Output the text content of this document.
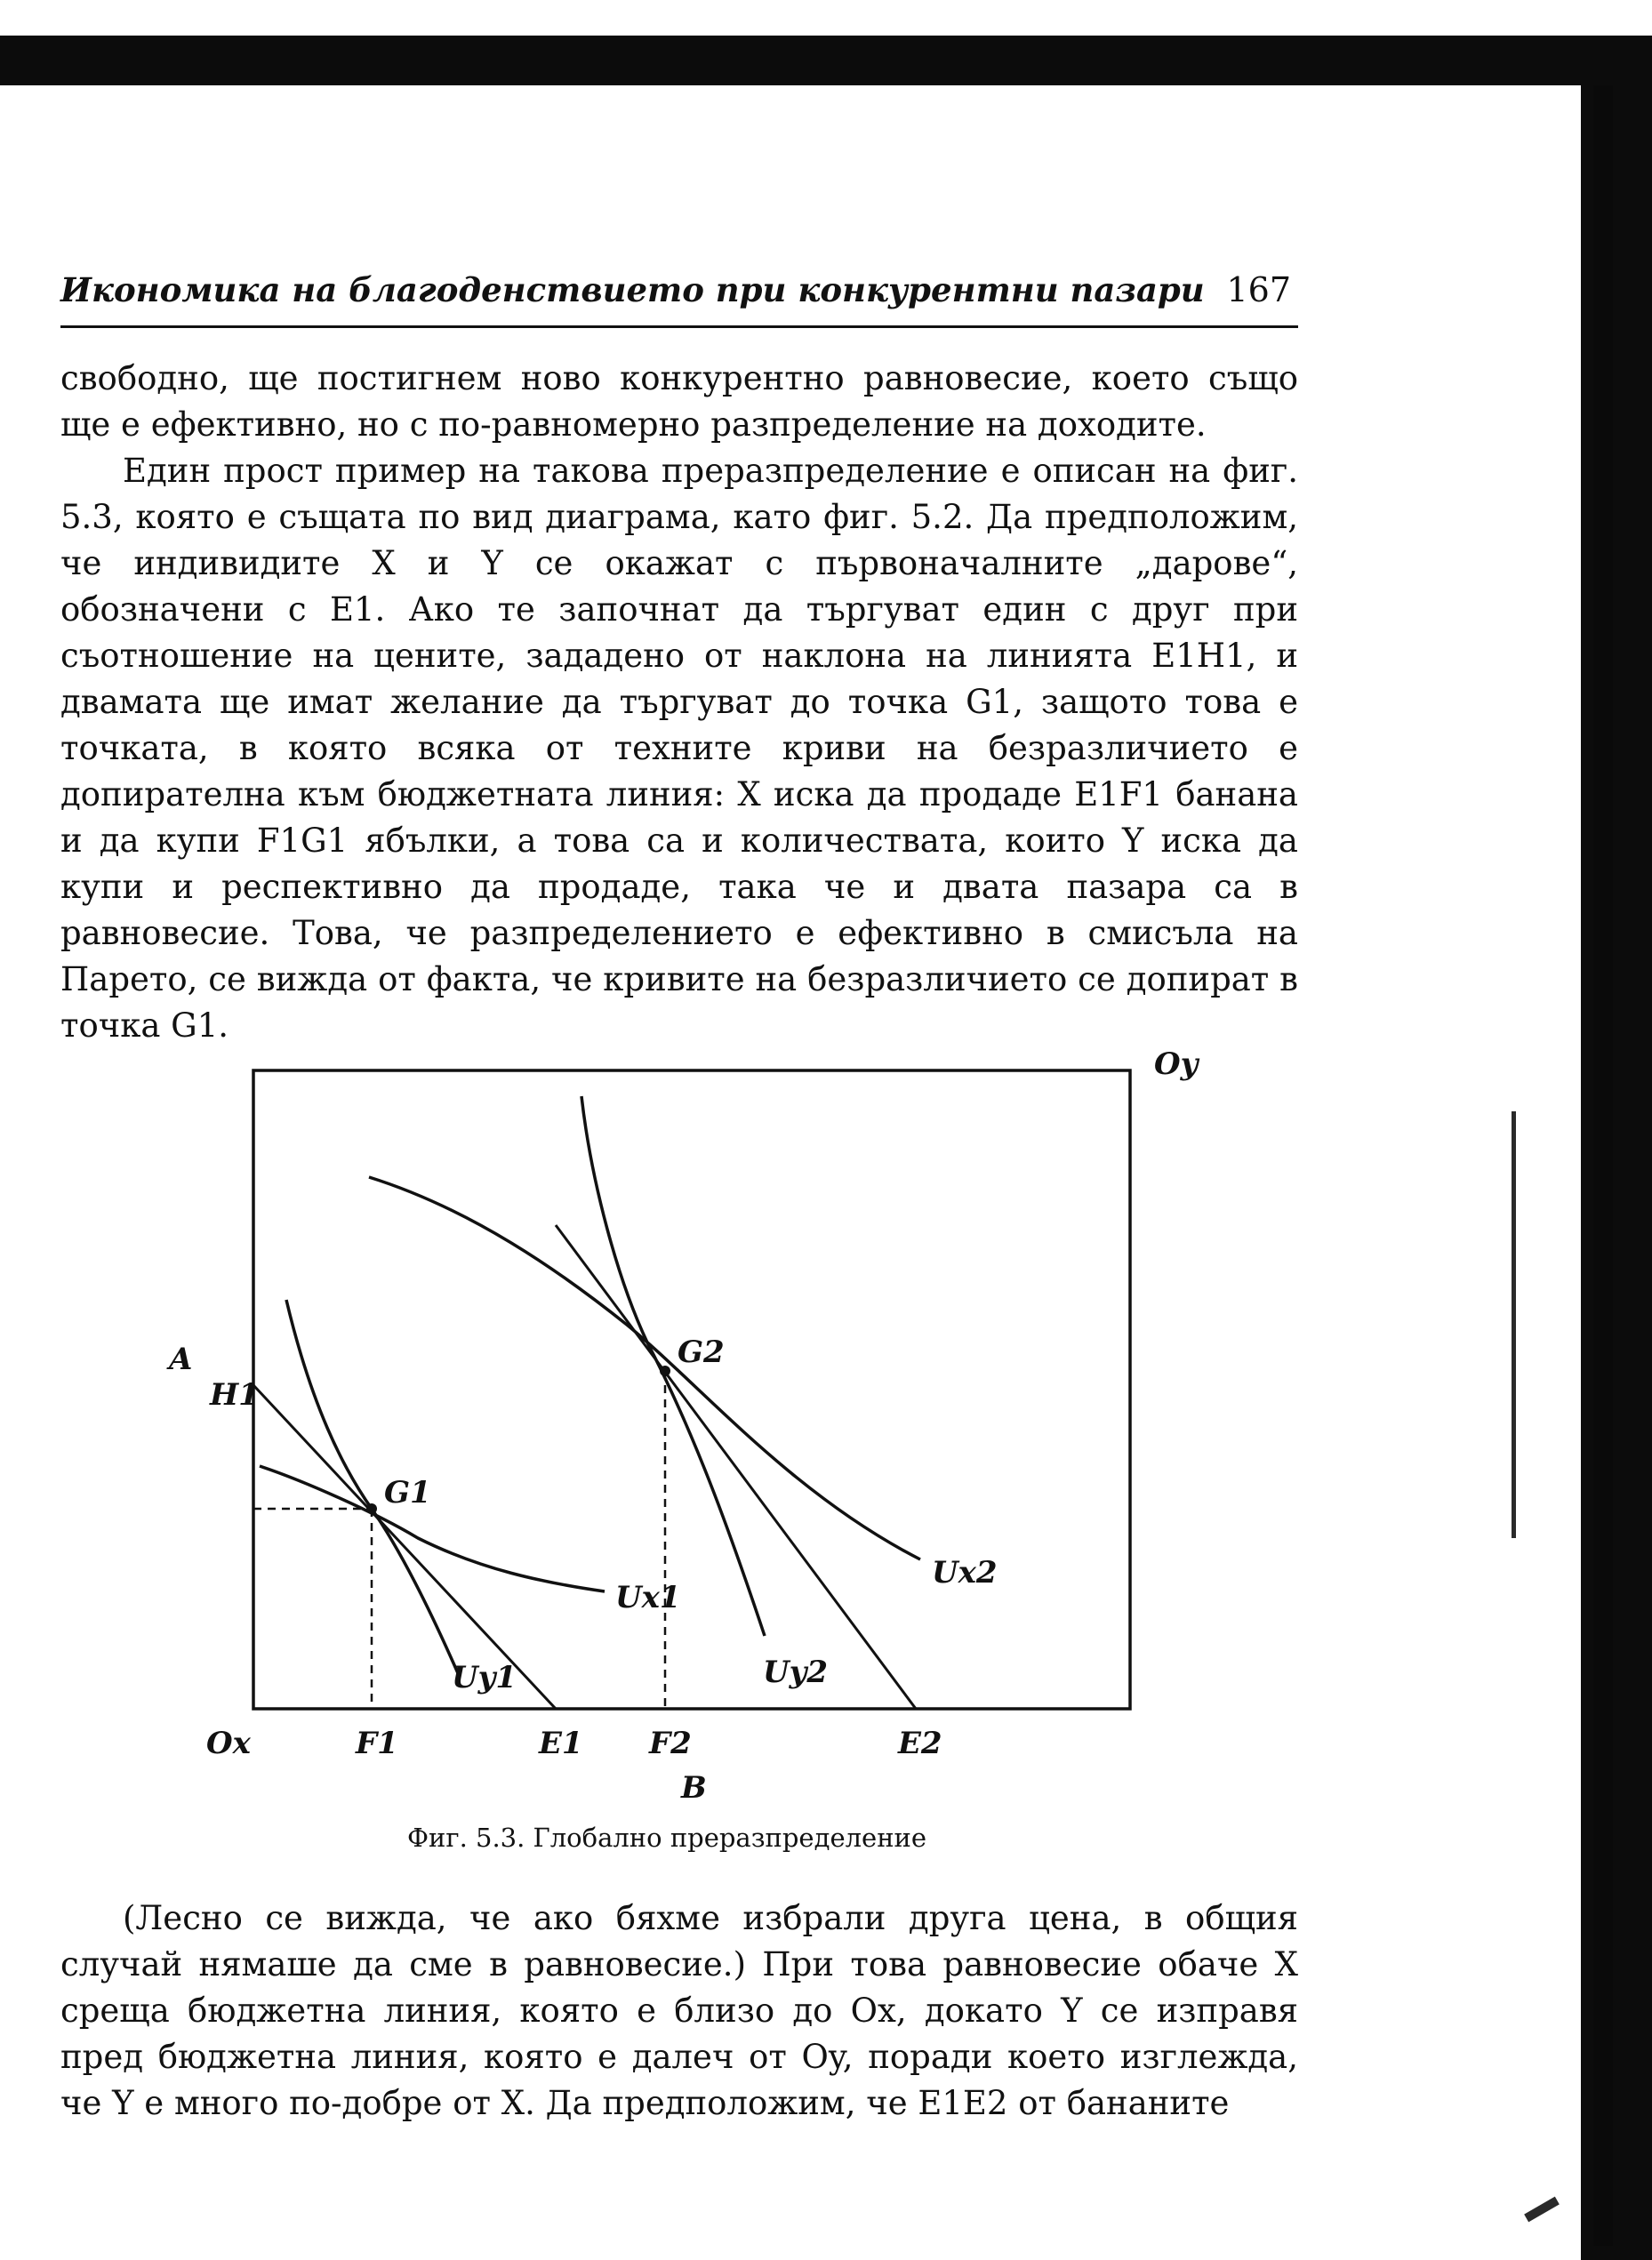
Икономика на благоденствието при конкурентни пазари 167

свободно, ще постигнем ново конкурентно равновесие, което също ще е ефективно, но с по-равномерно разпределение на доходите.

Един прост пример на такова преразпределение е описан на фиг. 5.3, която е същата по вид диаграма, като фиг. 5.2. Да предположим, че индивидите X и Y се окажат с първоначалните „дарове“, обозначени с E1. Ако те започнат да търгуват един с друг при съотношение на цените, зададено от наклона на линията E1H1, и двамата ще имат желание да търгуват до точка G1, защото това е точката, в която всяка от техните криви на безразличието е допирателна към бюджетната линия: X иска да продаде E1F1 банана и да купи F1G1 ябълки, а това са и количествата, които Y иска да купи и респективно да продаде, така че и двата пазара са в равновесие. Това, че разпределението е ефективно в смисъла на Парето, се вижда от факта, че кривите на безразличието се допират в точка G1.

Oy
A
H1
G1
G2
Ux1
Uy1
Ux2
Uy2
Ox	F1	E1 F2	E2
B
Фиг. 5.3. Глобално преразпределение

(Лесно се вижда, че ако бяхме избрали друга цена, в общия случай нямаше да сме в равновесие.) При това равновесие обаче X среща бюджетна линия, която е близо до Ox, докато Y се изправя пред бюджетна линия, която е далеч от Oy, поради което изглежда, че Y е много по-добре от X. Да предположим, че E1E2 от бананите
